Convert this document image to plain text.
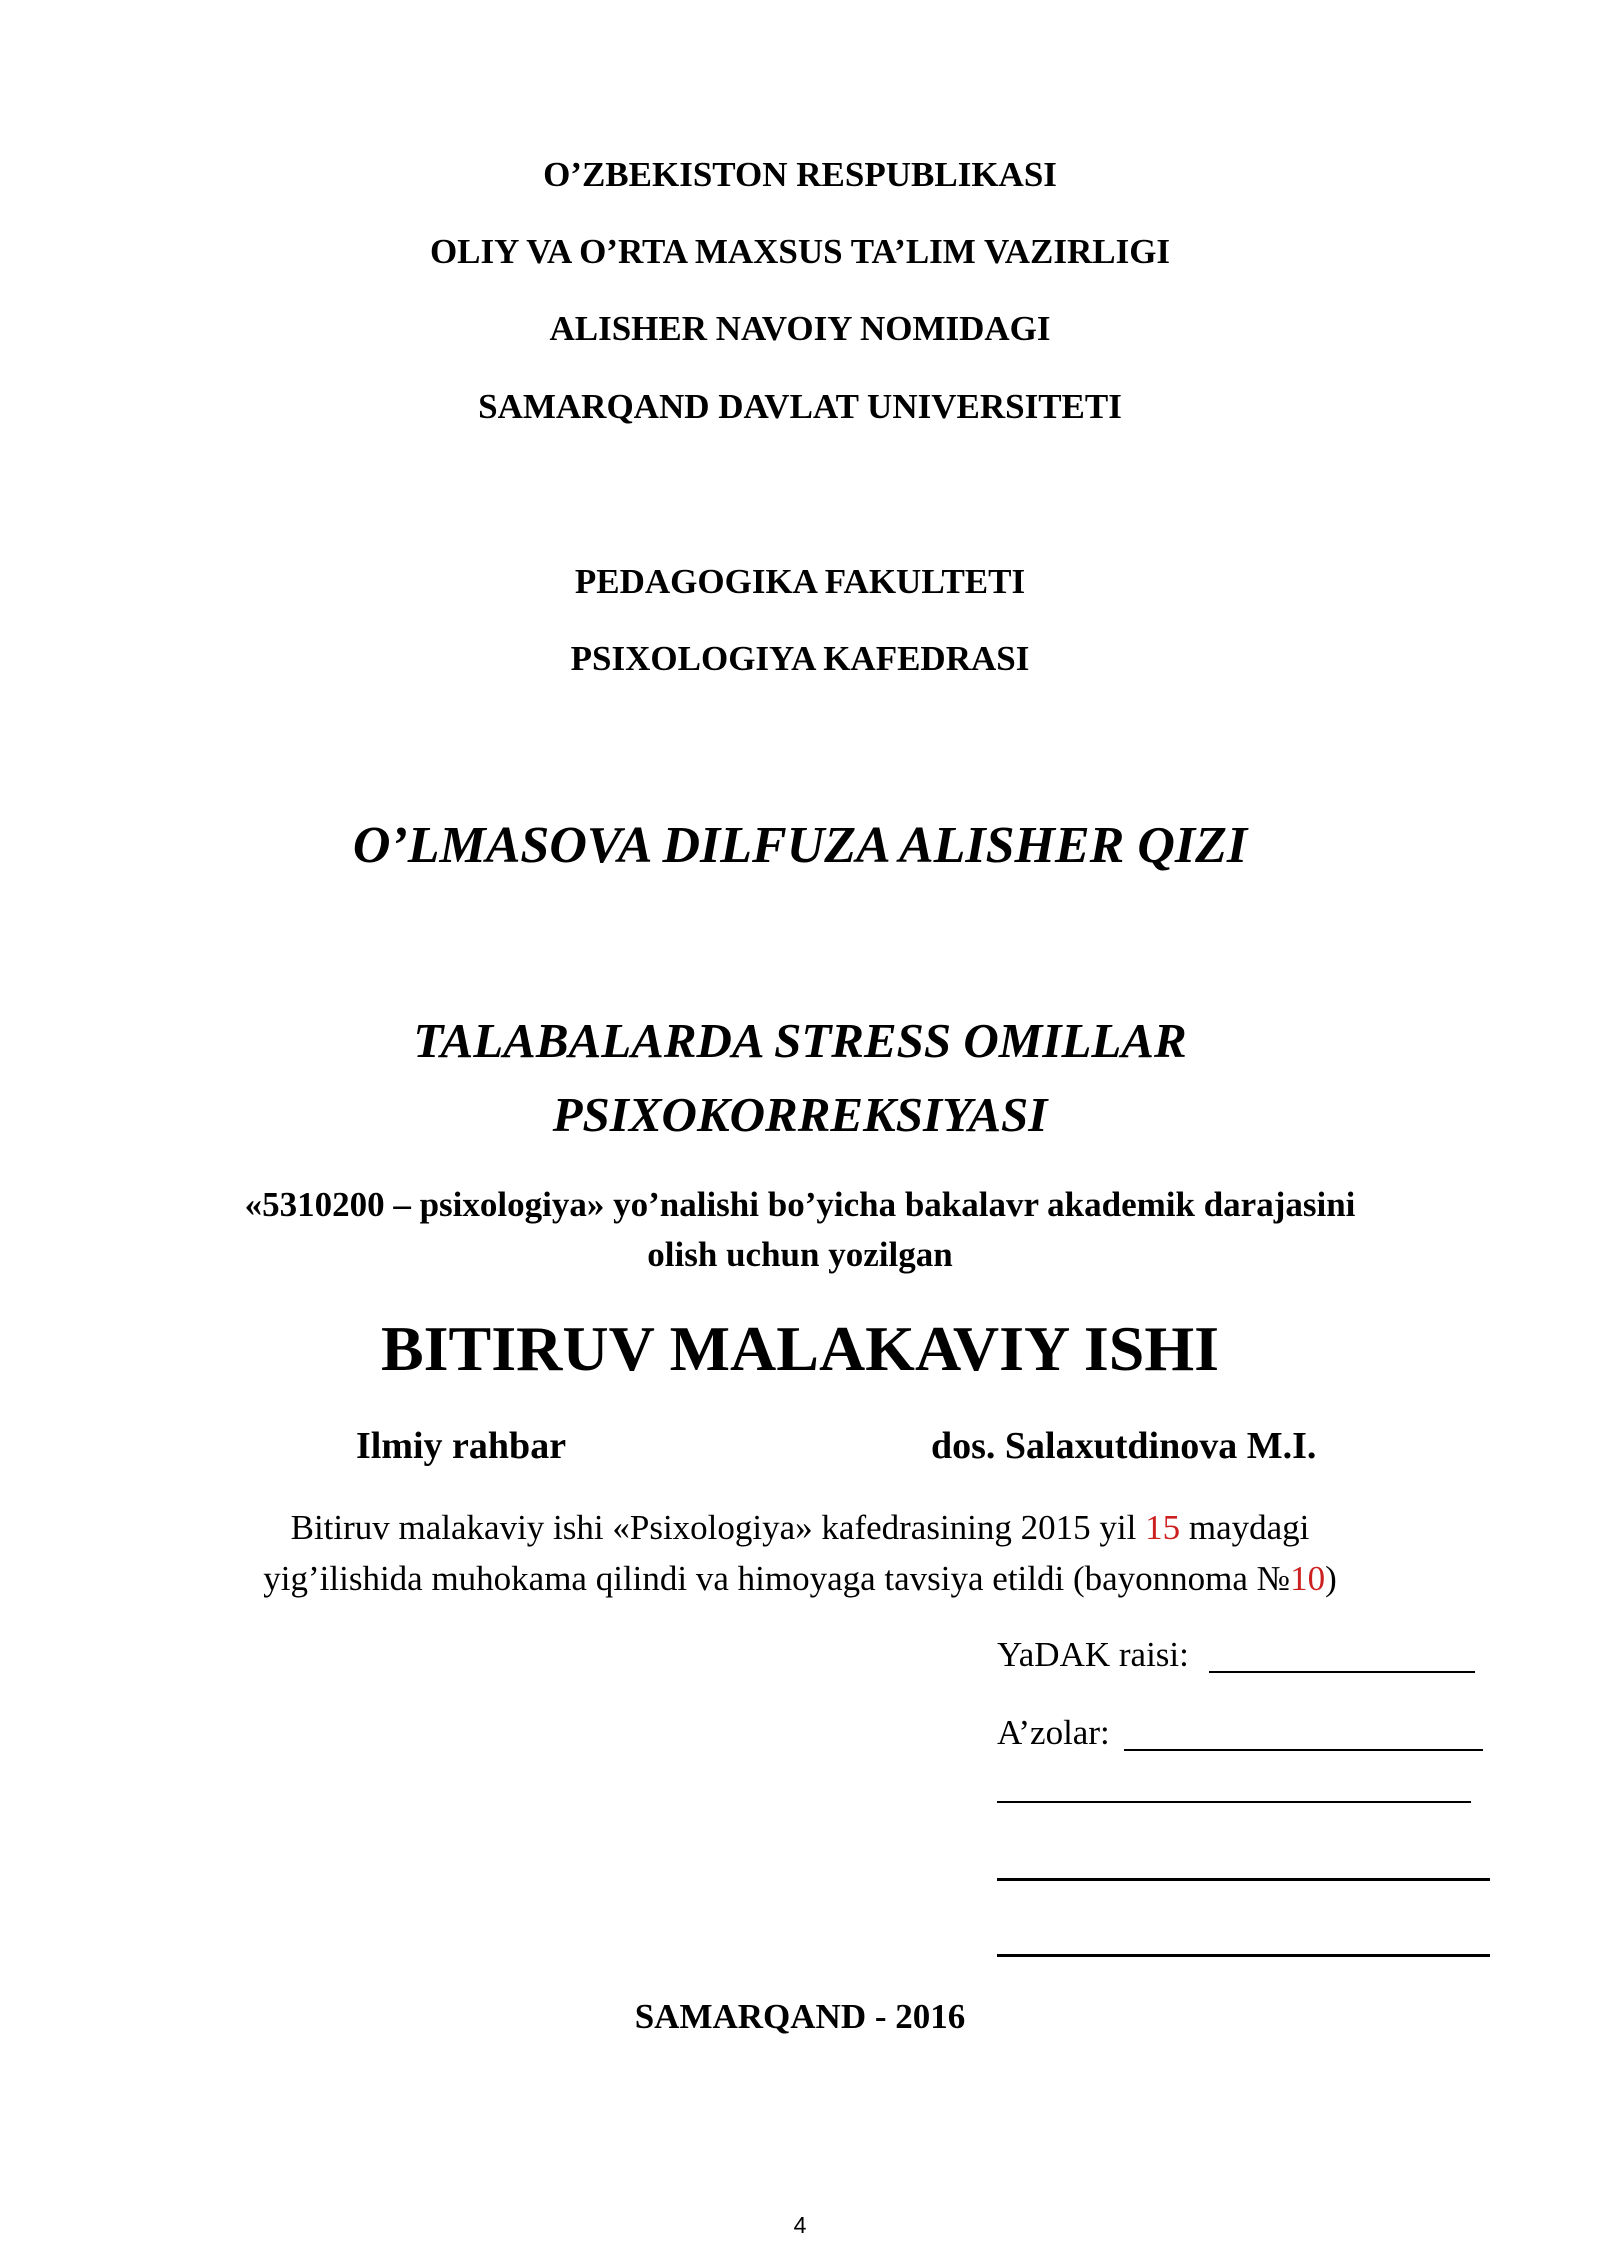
O’ZBEKISTON RESPUBLIKASI
OLIY VA O’RTA MAXSUS TA’LIM VAZIRLIGI
ALISHER NAVOIY NOMIDAGI
SAMARQAND DAVLAT UNIVERSITETI
PEDAGOGIKA FAKULTETI
PSIXOLOGIYA KAFEDRASI
O’LMASOVA DILFUZA ALISHER QIZI
TALABALARDA STRESS OMILLAR
PSIXOKORREKSIYASI
«5310200 – psixologiya» yo’nalishi bo’yicha bakalavr akademik darajasini
olish uchun yozilgan
BITIRUV MALAKAVIY ISHI
Ilmiy rahbar	dos. Salaxutdinova M.I.
Bitiruv malakaviy ishi «Psixologiya» kafedrasining 2015 yil 15 maydagi
yig’ilishida muhokama qilindi va himoyaga tavsiya etildi (bayonnoma №10)
YaDAK raisi:
A’zolar:
SAMARQAND - 2016
4
